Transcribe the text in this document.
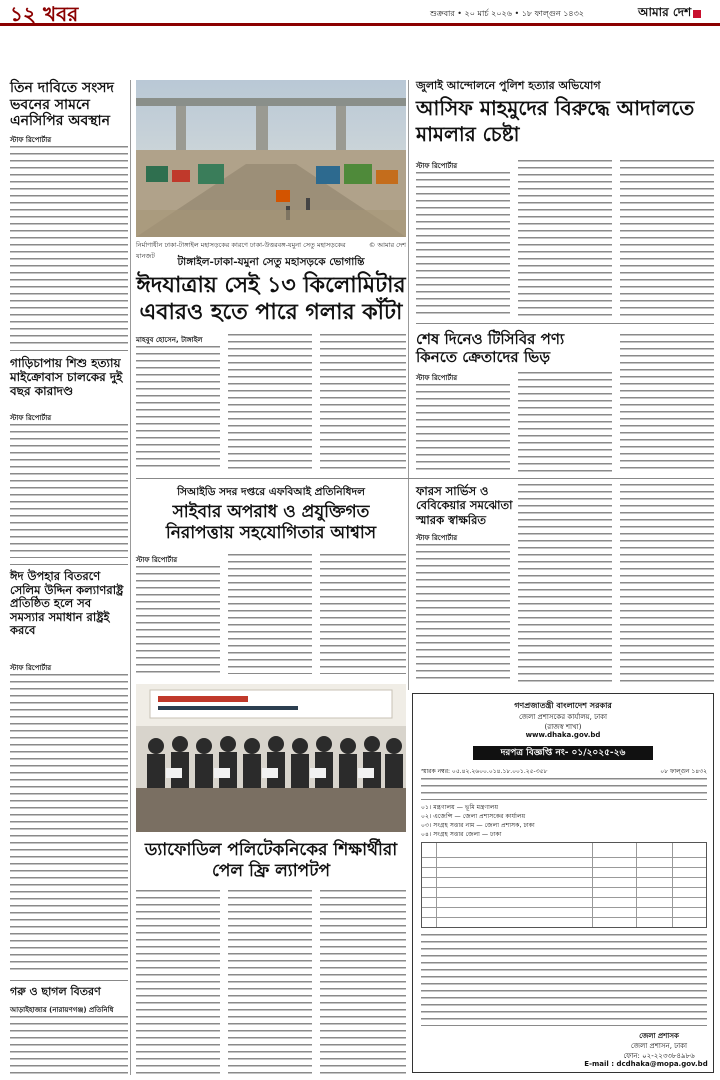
১২ খবর	শুক্রবার • ২০ মার্চ ২০২৬ • ১৮ ফাল্গুন ১৪৩২	আমার দেশ
তিন দাবিতে সংসদ ভবনের সামনে এনসিপির অবস্থান
স্টাফ রিপোর্টার
গাড়িচাপায় শিশু হত্যায় মাইক্রোবাস চালকের দুই বছর কারাদণ্ড
স্টাফ রিপোর্টার
ঈদ উপহার বিতরণে সেলিম উদ্দিন কল্যাণরাষ্ট্র প্রতিষ্ঠিত হলে সব সমস্যার সমাধান রাষ্ট্রই করবে
স্টাফ রিপোর্টার
গরু ও ছাগল বিতরণ
আড়াইহাজার (নারায়ণগঞ্জ) প্রতিনিধি
নির্মাণাধীন ঢাকা-টাঙ্গাইল মহাসড়কের কারণে ঢাকা-উত্তরবঙ্গ-যমুনা সেতু মহাসড়কের যানজট
© আমার দেশ
টাঙ্গাইল-ঢাকা-যমুনা সেতু মহাসড়কে ভোগান্তি
ঈদযাত্রায় সেই ১৩ কিলোমিটার এবারও হতে পারে গলার কাঁটা
মাহবুব হোসেন, টাঙ্গাইল
জুলাই আন্দোলনে পুলিশ হত্যার অভিযোগ
আসিফ মাহমুদের বিরুদ্ধে আদালতে মামলার চেষ্টা
স্টাফ রিপোর্টার
শেষ দিনেও টিসিবির পণ্য কিনতে ক্রেতাদের ভিড়
স্টাফ রিপোর্টার
সিআইডি সদর দপ্তরে এফবিআই প্রতিনিধিদল
সাইবার অপরাধ ও প্রযুক্তিগত নিরাপত্তায় সহযোগিতার আশ্বাস
স্টাফ রিপোর্টার
ফারস সার্ভিস ও বেবিকেয়ার সমঝোতা স্মারক স্বাক্ষরিত
স্টাফ রিপোর্টার
ড্যাফোডিল পলিটেকনিকের শিক্ষার্থীরা পেল ফ্রি ল্যাপটপ
গণপ্রজাতন্ত্রী বাংলাদেশ সরকার
জেলা প্রশাসকের কার্যালয়, ঢাকা
(রাজস্ব শাখা)
www.dhaka.gov.bd
স্মারক নম্বর: ০৫.৪২.২৬০০.০১৪.১৮.০০১.২৫-৩৫৮	০৮ ফাল্গুন ১৪৩২
দরপত্র বিজ্ঞপ্তি নং- ০১/২০২৫-২৬
০১। মন্ত্রণালয় — ভূমি মন্ত্রণালয়
০২। এজেন্সি — জেলা প্রশাসকের কার্যালয়
০৩। সংগ্রহ সত্তার নাম — জেলা প্রশাসক, ঢাকা
০৪। সংগ্রহ সত্তার জেলা — ঢাকা
জেলা প্রশাসক
জেলা প্রশাসন, ঢাকা
ফোন: ০২-২২৩৩৮৪৯৮৬
E-mail : dcdhaka@mopa.gov.bd
